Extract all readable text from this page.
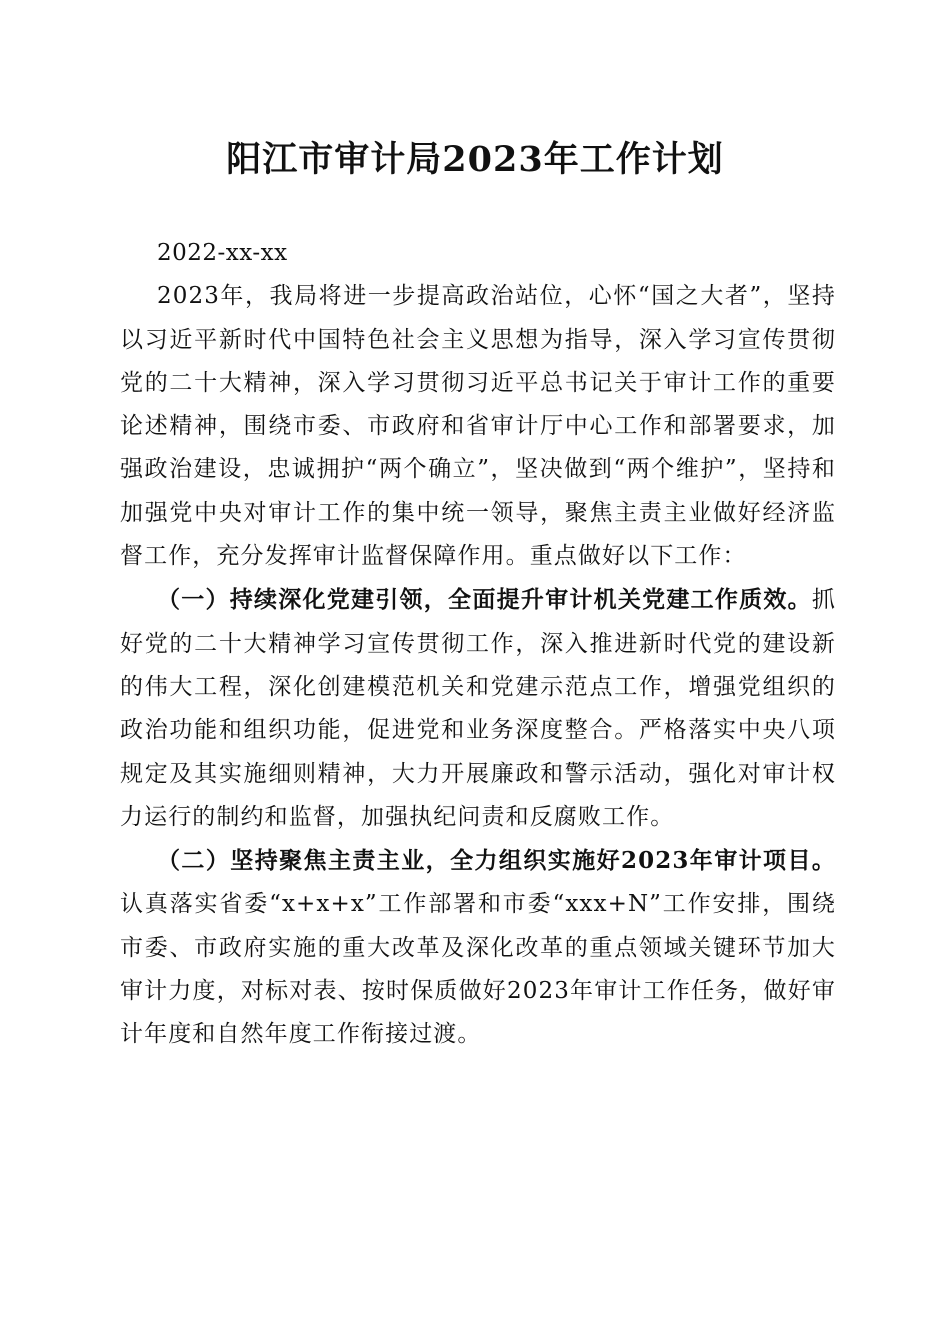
阳江市审计局2023年工作计划

2022-xx-xx

2023年，我局将进一步提高政治站位，心怀“国之大者”，坚持以习近平新时代中国特色社会主义思想为指导，深入学习宣传贯彻党的二十大精神，深入学习贯彻习近平总书记关于审计工作的重要论述精神，围绕市委、市政府和省审计厅中心工作和部署要求，加强政治建设，忠诚拥护“两个确立”，坚决做到“两个维护”，坚持和加强党中央对审计工作的集中统一领导，聚焦主责主业做好经济监督工作，充分发挥审计监督保障作用。重点做好以下工作：

（一）持续深化党建引领，全面提升审计机关党建工作质效。抓好党的二十大精神学习宣传贯彻工作，深入推进新时代党的建设新的伟大工程，深化创建模范机关和党建示范点工作，增强党组织的政治功能和组织功能，促进党和业务深度整合。严格落实中央八项规定及其实施细则精神，大力开展廉政和警示活动，强化对审计权力运行的制约和监督，加强执纪问责和反腐败工作。

（二）坚持聚焦主责主业，全力组织实施好2023年审计项目。认真落实省委“x+x+x”工作部署和市委“xxx+N”工作安排，围绕市委、市政府实施的重大改革及深化改革的重点领域关键环节加大审计力度，对标对表、按时保质做好2023年审计工作任务，做好审计年度和自然年度工作衔接过渡。
